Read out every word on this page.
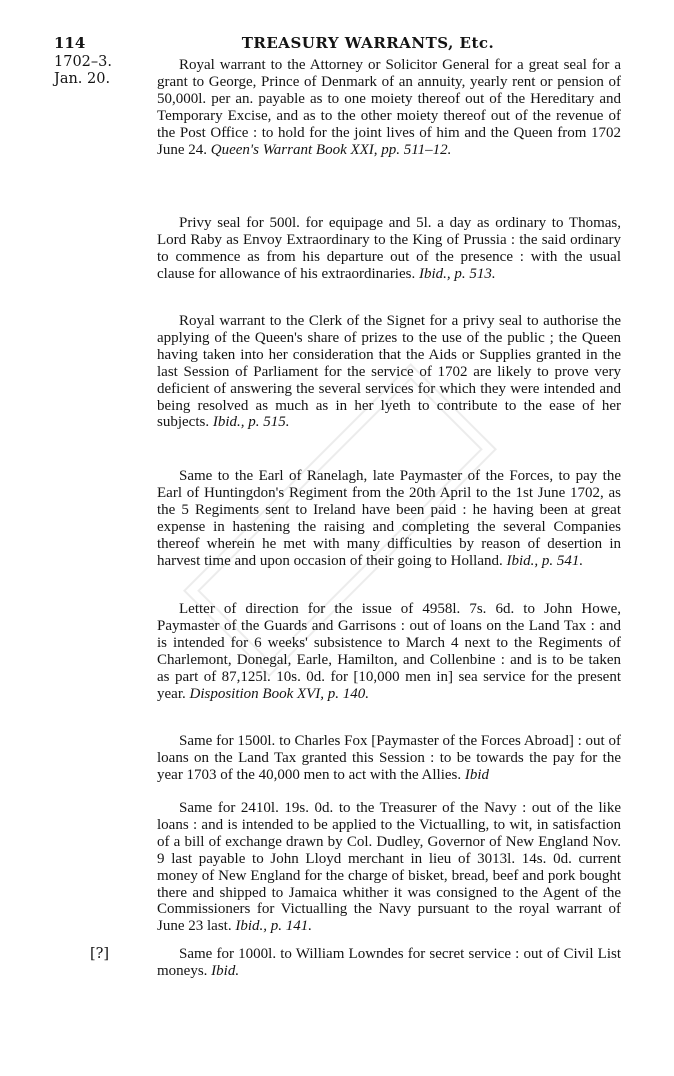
114	TREASURY WARRANTS, Etc.
1702–3.
Jan. 20.
[?]

Royal warrant to the Attorney or Solicitor General for a great seal for a grant to George, Prince of Denmark of an annuity, yearly rent or pension of 50,000l. per an. payable as to one moiety thereof out of the Hereditary and Temporary Excise, and as to the other moiety thereof out of the revenue of the Post Office : to hold for the joint lives of him and the Queen from 1702 June 24. Queen's Warrant Book XXI, pp. 511–12.

Privy seal for 500l. for equipage and 5l. a day as ordinary to Thomas, Lord Raby as Envoy Extraordinary to the King of Prussia : the said ordinary to commence as from his departure out of the presence : with the usual clause for allowance of his extraordinaries. Ibid., p. 513.

Royal warrant to the Clerk of the Signet for a privy seal to authorise the applying of the Queen's share of prizes to the use of the public ; the Queen having taken into her consideration that the Aids or Supplies granted in the last Session of Parliament for the service of 1702 are likely to prove very deficient of answering the several services for which they were intended and being resolved as much as in her lyeth to contribute to the ease of her subjects. Ibid., p. 515.

Same to the Earl of Ranelagh, late Paymaster of the Forces, to pay the Earl of Huntingdon's Regiment from the 20th April to the 1st June 1702, as the 5 Regiments sent to Ireland have been paid : he having been at great expense in hastening the raising and completing the several Companies thereof wherein he met with many difficulties by reason of desertion in harvest time and upon occasion of their going to Holland. Ibid., p. 541.

Letter of direction for the issue of 4958l. 7s. 6d. to John Howe, Paymaster of the Guards and Garrisons : out of loans on the Land Tax : and is intended for 6 weeks' subsistence to March 4 next to the Regiments of Charlemont, Donegal, Earle, Hamilton, and Collenbine : and is to be taken as part of 87,125l. 10s. 0d. for [10,000 men in] sea service for the present year. Disposition Book XVI, p. 140.

Same for 1500l. to Charles Fox [Paymaster of the Forces Abroad] : out of loans on the Land Tax granted this Session : to be towards the pay for the year 1703 of the 40,000 men to act with the Allies. Ibid

Same for 2410l. 19s. 0d. to the Treasurer of the Navy : out of the like loans : and is intended to be applied to the Victualling, to wit, in satisfaction of a bill of exchange drawn by Col. Dudley, Governor of New England Nov. 9 last payable to John Lloyd merchant in lieu of 3013l. 14s. 0d. current money of New England for the charge of bisket, bread, beef and pork bought there and shipped to Jamaica whither it was consigned to the Agent of the Commissioners for Victualling the Navy pursuant to the royal warrant of June 23 last. Ibid., p. 141.

Same for 1000l. to William Lowndes for secret service : out of Civil List moneys. Ibid.
